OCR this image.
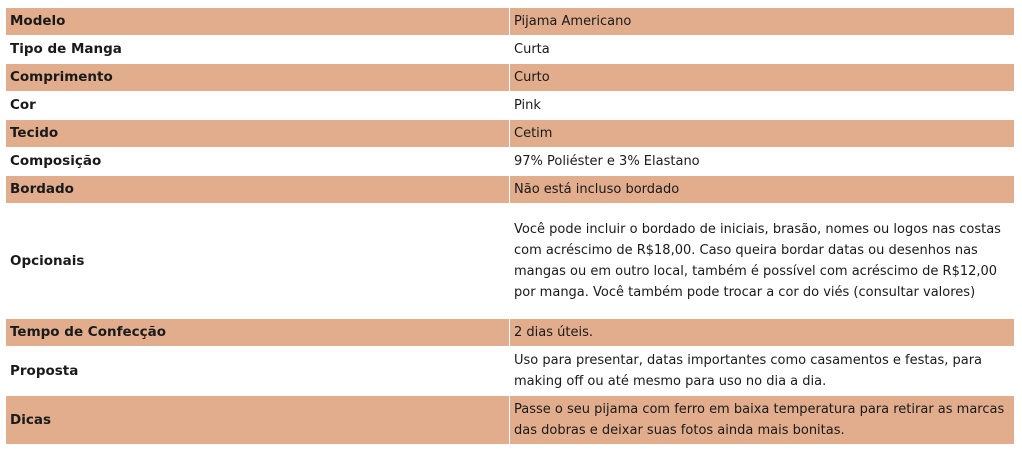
Modelo	Pijama Americano
Tipo de Manga	Curta
Comprimento	Curto
Cor	Pink
Tecido	Cetim
Composição	97% Poliéster e 3% Elastano
Bordado	Não está incluso bordado
Opcionais	Você pode incluir o bordado de iniciais, brasão, nomes ou logos nas costas com acréscimo de R$18,00. Caso queira bordar datas ou desenhos nas mangas ou em outro local, também é possível com acréscimo de R$12,00 por manga. Você também pode trocar a cor do viés (consultar valores)
Tempo de Confecção	2 dias úteis.
Proposta	Uso para presentar, datas importantes como casamentos e festas, para making off ou até mesmo para uso no dia a dia.
Dicas	Passe o seu pijama com ferro em baixa temperatura para retirar as marcas das dobras e deixar suas fotos ainda mais bonitas.
